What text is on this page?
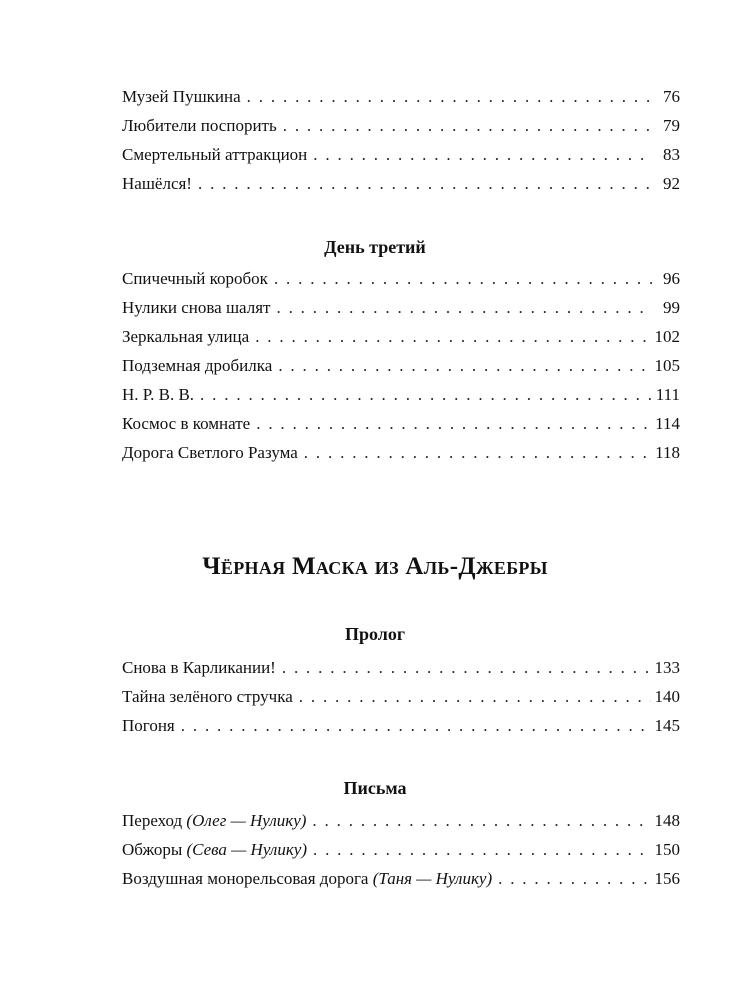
Музей Пушкина . . .	76
Любители поспорить . . .	79
Смертельный аттракцион . . .	83
Нашёлся! . . .	92
День третий
Спичечный коробок . . .	96
Нулики снова шалят . . .	99
Зеркальная улица . . .	102
Подземная дробилка . . .	105
Н. Р. В. В. . . .	111
Космос в комнате . . .	114
Дорога Светлого Разума . . .	118
Чёрная Маска из Аль-Джебры
Пролог
Снова в Карликании! . . .	133
Тайна зелёного стручка . . .	140
Погоня . . .	145
Письма
Переход (Олег — Нулику) . . .	148
Обжоры (Сева — Нулику) . . .	150
Воздушная монорельсовая дорога (Таня — Нулику) . . .	156
